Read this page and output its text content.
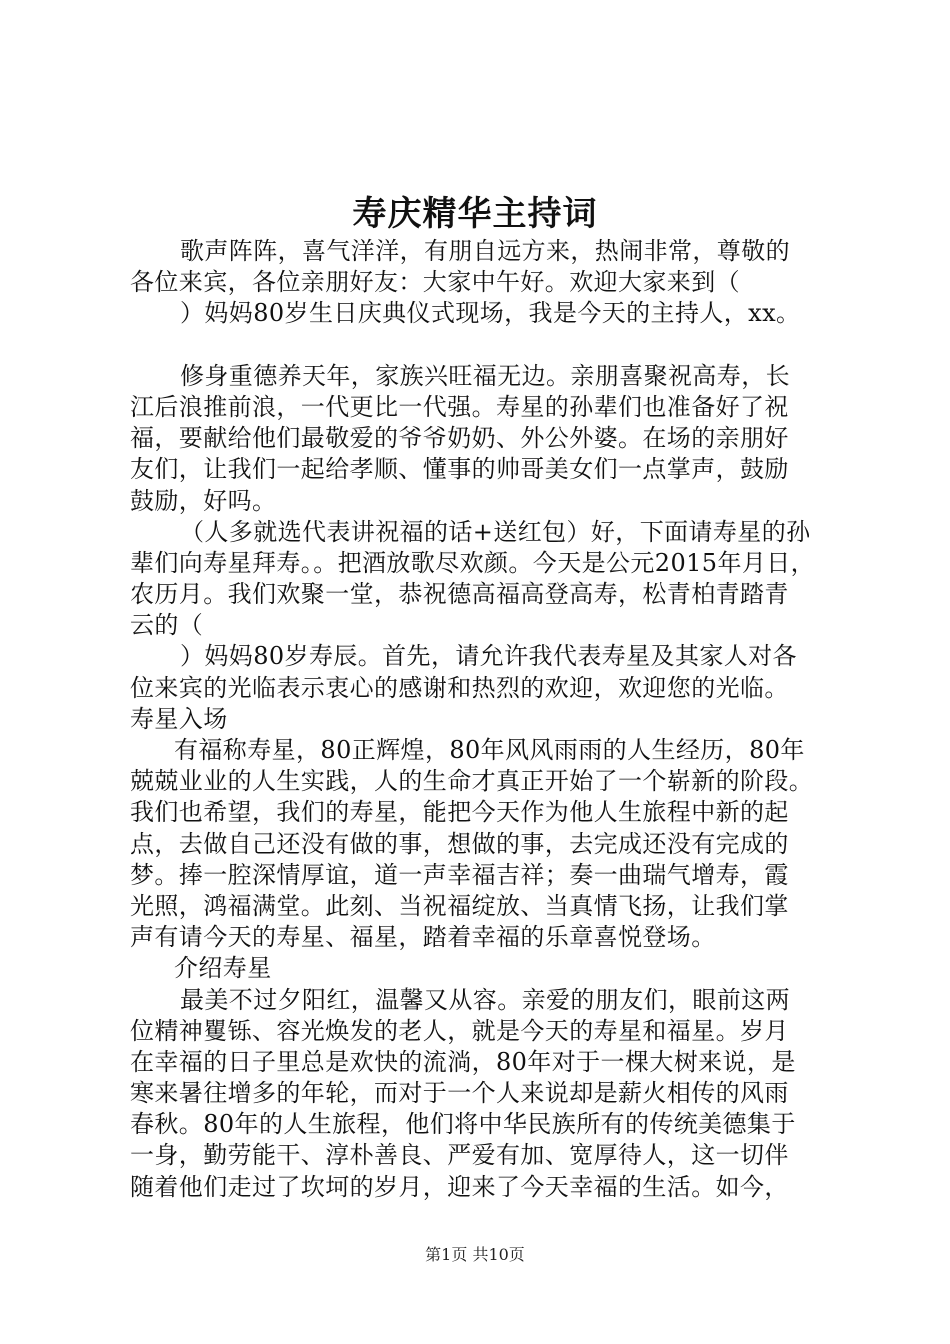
寿庆精华主持词
歌声阵阵，喜气洋洋，有朋自远方来，热闹非常，尊敬的
各位来宾，各位亲朋好友：大家中午好。欢迎大家来到（
）妈妈80岁生日庆典仪式现场，我是今天的主持人，xx。
修身重德养天年，家族兴旺福无边。亲朋喜聚祝高寿，长
江后浪推前浪，一代更比一代强。寿星的孙辈们也准备好了祝
福，要献给他们最敬爱的爷爷奶奶、外公外婆。在场的亲朋好
友们，让我们一起给孝顺、懂事的帅哥美女们一点掌声，鼓励
鼓励，好吗。
（人多就选代表讲祝福的话+送红包）好，下面请寿星的孙
辈们向寿星拜寿。。把酒放歌尽欢颜。今天是公元2015年月日，
农历月。我们欢聚一堂，恭祝德高福高登高寿，松青柏青踏青
云的（
）妈妈80岁寿辰。首先，请允许我代表寿星及其家人对各
位来宾的光临表示衷心的感谢和热烈的欢迎，欢迎您的光临。
寿星入场
有福称寿星，80正辉煌，80年风风雨雨的人生经历，80年
兢兢业业的人生实践，人的生命才真正开始了一个崭新的阶段。
我们也希望，我们的寿星，能把今天作为他人生旅程中新的起
点，去做自己还没有做的事，想做的事，去完成还没有完成的
梦。捧一腔深情厚谊，道一声幸福吉祥；奏一曲瑞气增寿，霞
光照，鸿福满堂。此刻、当祝福绽放、当真情飞扬，让我们掌
声有请今天的寿星、福星，踏着幸福的乐章喜悦登场。
介绍寿星
最美不过夕阳红，温馨又从容。亲爱的朋友们，眼前这两
位精神矍铄、容光焕发的老人，就是今天的寿星和福星。岁月
在幸福的日子里总是欢快的流淌，80年对于一棵大树来说，是
寒来暑往增多的年轮，而对于一个人来说却是薪火相传的风雨
春秋。80年的人生旅程，他们将中华民族所有的传统美德集于
一身，勤劳能干、淳朴善良、严爱有加、宽厚待人，这一切伴
随着他们走过了坎坷的岁月，迎来了今天幸福的生活。如今，
第1页 共10页
